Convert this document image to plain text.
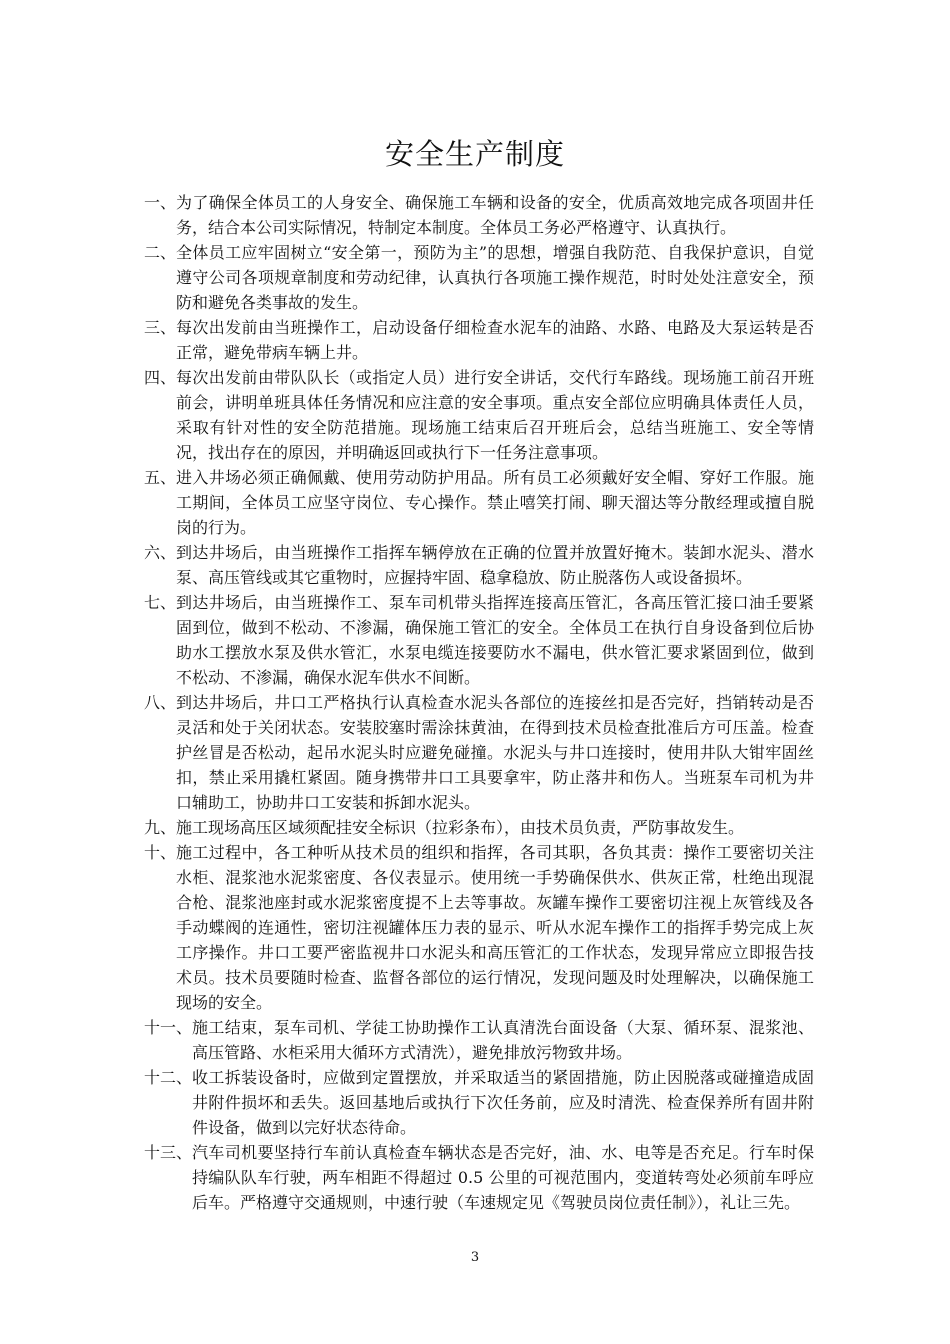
安全生产制度
一、 为了确保全体员工的人身安全、确保施工车辆和设备的安全，优质高效地完成各项固井任务，结合本公司实际情况，特制定本制度。全体员工务必严格遵守、认真执行。
二、 全体员工应牢固树立“安全第一，预防为主”的思想，增强自我防范、自我保护意识，自觉遵守公司各项规章制度和劳动纪律，认真执行各项施工操作规范，时时处处注意安全，预防和避免各类事故的发生。
三、 每次出发前由当班操作工，启动设备仔细检查水泥车的油路、水路、电路及大泵运转是否正常，避免带病车辆上井。
四、 每次出发前由带队队长（或指定人员）进行安全讲话，交代行车路线。现场施工前召开班前会，讲明单班具体任务情况和应注意的安全事项。重点安全部位应明确具体责任人员，采取有针对性的安全防范措施。现场施工结束后召开班后会，总结当班施工、安全等情况，找出存在的原因，并明确返回或执行下一任务注意事项。
五、 进入井场必须正确佩戴、使用劳动防护用品。所有员工必须戴好安全帽、穿好工作服。施工期间，全体员工应坚守岗位、专心操作。禁止嘻笑打闹、聊天溜达等分散经理或擅自脱岗的行为。
六、 到达井场后，由当班操作工指挥车辆停放在正确的位置并放置好掩木。装卸水泥头、潜水泵、高压管线或其它重物时，应握持牢固、稳拿稳放、防止脱落伤人或设备损坏。
七、 到达井场后，由当班操作工、泵车司机带头指挥连接高压管汇，各高压管汇接口油壬要紧固到位，做到不松动、不渗漏，确保施工管汇的安全。全体员工在执行自身设备到位后协助水工摆放水泵及供水管汇，水泵电缆连接要防水不漏电，供水管汇要求紧固到位，做到不松动、不渗漏，确保水泥车供水不间断。
八、 到达井场后，井口工严格执行认真检查水泥头各部位的连接丝扣是否完好，挡销转动是否灵活和处于关闭状态。安装胶塞时需涂抹黄油，在得到技术员检查批准后方可压盖。检查护丝冒是否松动，起吊水泥头时应避免碰撞。水泥头与井口连接时，使用井队大钳牢固丝扣，禁止采用撬杠紧固。随身携带井口工具要拿牢，防止落井和伤人。当班泵车司机为井口辅助工，协助井口工安装和拆卸水泥头。
九、 施工现场高压区域须配挂安全标识（拉彩条布），由技术员负责，严防事故发生。
十、 施工过程中，各工种听从技术员的组织和指挥，各司其职，各负其责：操作工要密切关注水柜、混浆池水泥浆密度、各仪表显示。使用统一手势确保供水、供灰正常，杜绝出现混合枪、混浆池座封或水泥浆密度提不上去等事故。灰罐车操作工要密切注视上灰管线及各手动蝶阀的连通性，密切注视罐体压力表的显示、听从水泥车操作工的指挥手势完成上灰工序操作。井口工要严密监视井口水泥头和高压管汇的工作状态，发现异常应立即报告技术员。技术员要随时检查、监督各部位的运行情况，发现问题及时处理解决，以确保施工现场的安全。
十一、 施工结束，泵车司机、学徒工协助操作工认真清洗台面设备（大泵、循环泵、混浆池、高压管路、水柜采用大循环方式清洗），避免排放污物致井场。
十二、 收工拆装设备时，应做到定置摆放，并采取适当的紧固措施，防止因脱落或碰撞造成固井附件损坏和丢失。返回基地后或执行下次任务前，应及时清洗、检查保养所有固井附件设备，做到以完好状态待命。
十三、 汽车司机要坚持行车前认真检查车辆状态是否完好，油、水、电等是否充足。行车时保持编队队车行驶，两车相距不得超过 0.5 公里的可视范围内，变道转弯处必须前车呼应后车。严格遵守交通规则，中速行驶（车速规定见《驾驶员岗位责任制》），礼让三先。
3
